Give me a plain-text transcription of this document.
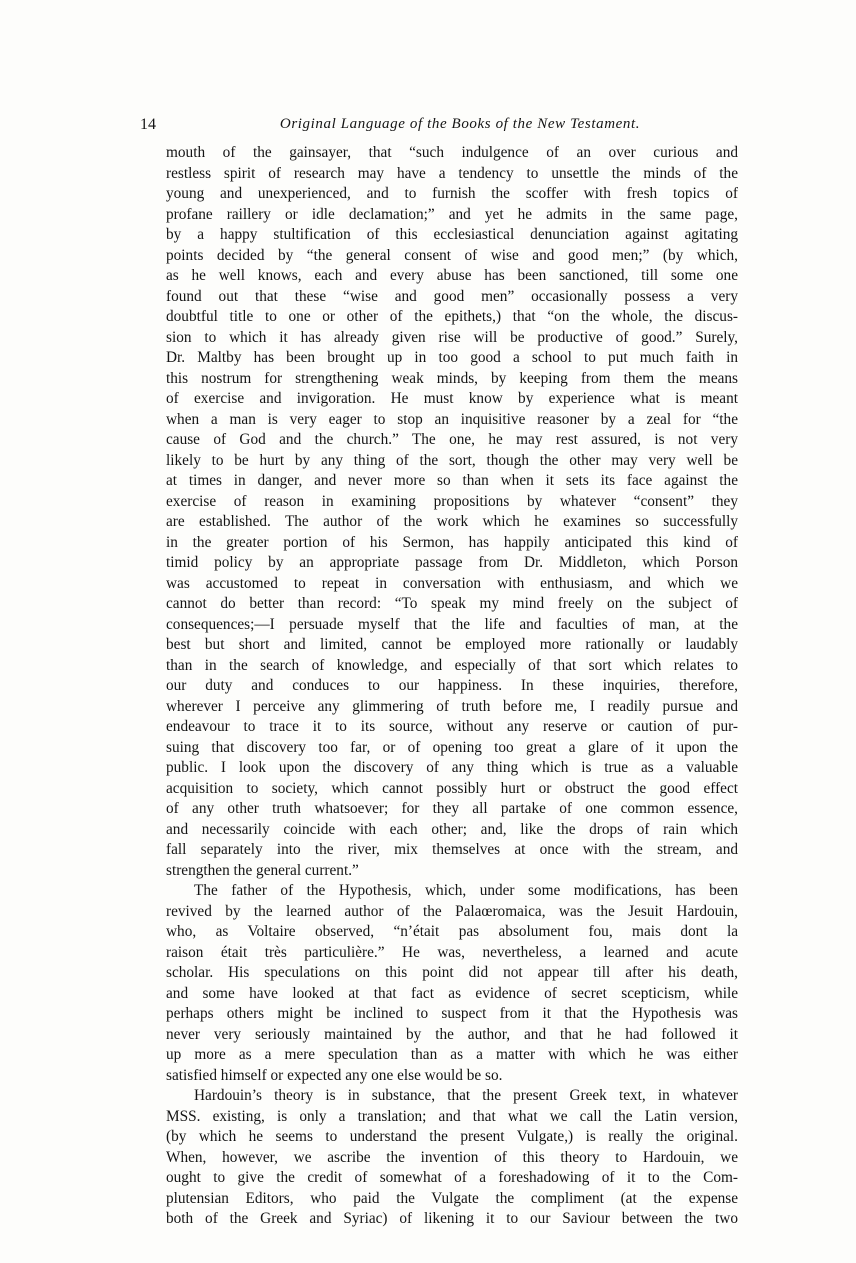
14	Original Language of the Books of the New Testament.
mouth of the gainsayer, that “such indulgence of an over curious and
restless spirit of research may have a tendency to unsettle the minds of the
young and unexperienced, and to furnish the scoffer with fresh topics of
profane raillery or idle declamation;” and yet he admits in the same page,
by a happy stultification of this ecclesiastical denunciation against agitating
points decided by “the general consent of wise and good men;” (by which,
as he well knows, each and every abuse has been sanctioned, till some one
found out that these “wise and good men” occasionally possess a very
doubtful title to one or other of the epithets,) that “on the whole, the discus-
sion to which it has already given rise will be productive of good.” Surely,
Dr. Maltby has been brought up in too good a school to put much faith in
this nostrum for strengthening weak minds, by keeping from them the means
of exercise and invigoration. He must know by experience what is meant
when a man is very eager to stop an inquisitive reasoner by a zeal for “the
cause of God and the church.” The one, he may rest assured, is not very
likely to be hurt by any thing of the sort, though the other may very well be
at times in danger, and never more so than when it sets its face against the
exercise of reason in examining propositions by whatever “consent” they
are established. The author of the work which he examines so successfully
in the greater portion of his Sermon, has happily anticipated this kind of
timid policy by an appropriate passage from Dr. Middleton, which Porson
was accustomed to repeat in conversation with enthusiasm, and which we
cannot do better than record: “To speak my mind freely on the subject of
consequences;—I persuade myself that the life and faculties of man, at the
best but short and limited, cannot be employed more rationally or laudably
than in the search of knowledge, and especially of that sort which relates to
our duty and conduces to our happiness. In these inquiries, therefore,
wherever I perceive any glimmering of truth before me, I readily pursue and
endeavour to trace it to its source, without any reserve or caution of pur-
suing that discovery too far, or of opening too great a glare of it upon the
public. I look upon the discovery of any thing which is true as a valuable
acquisition to society, which cannot possibly hurt or obstruct the good effect
of any other truth whatsoever; for they all partake of one common essence,
and necessarily coincide with each other; and, like the drops of rain which
fall separately into the river, mix themselves at once with the stream, and
strengthen the general current.”
The father of the Hypothesis, which, under some modifications, has been
revived by the learned author of the Palaœromaica, was the Jesuit Hardouin,
who, as Voltaire observed, “n’était pas absolument fou, mais dont la
raison était très particulière.” He was, nevertheless, a learned and acute
scholar. His speculations on this point did not appear till after his death,
and some have looked at that fact as evidence of secret scepticism, while
perhaps others might be inclined to suspect from it that the Hypothesis was
never very seriously maintained by the author, and that he had followed it
up more as a mere speculation than as a matter with which he was either
satisfied himself or expected any one else would be so.
Hardouin’s theory is in substance, that the present Greek text, in whatever
MSS. existing, is only a translation; and that what we call the Latin version,
(by which he seems to understand the present Vulgate,) is really the original.
When, however, we ascribe the invention of this theory to Hardouin, we
ought to give the credit of somewhat of a foreshadowing of it to the Com-
plutensian Editors, who paid the Vulgate the compliment (at the expense
both of the Greek and Syriac) of likening it to our Saviour between the two
